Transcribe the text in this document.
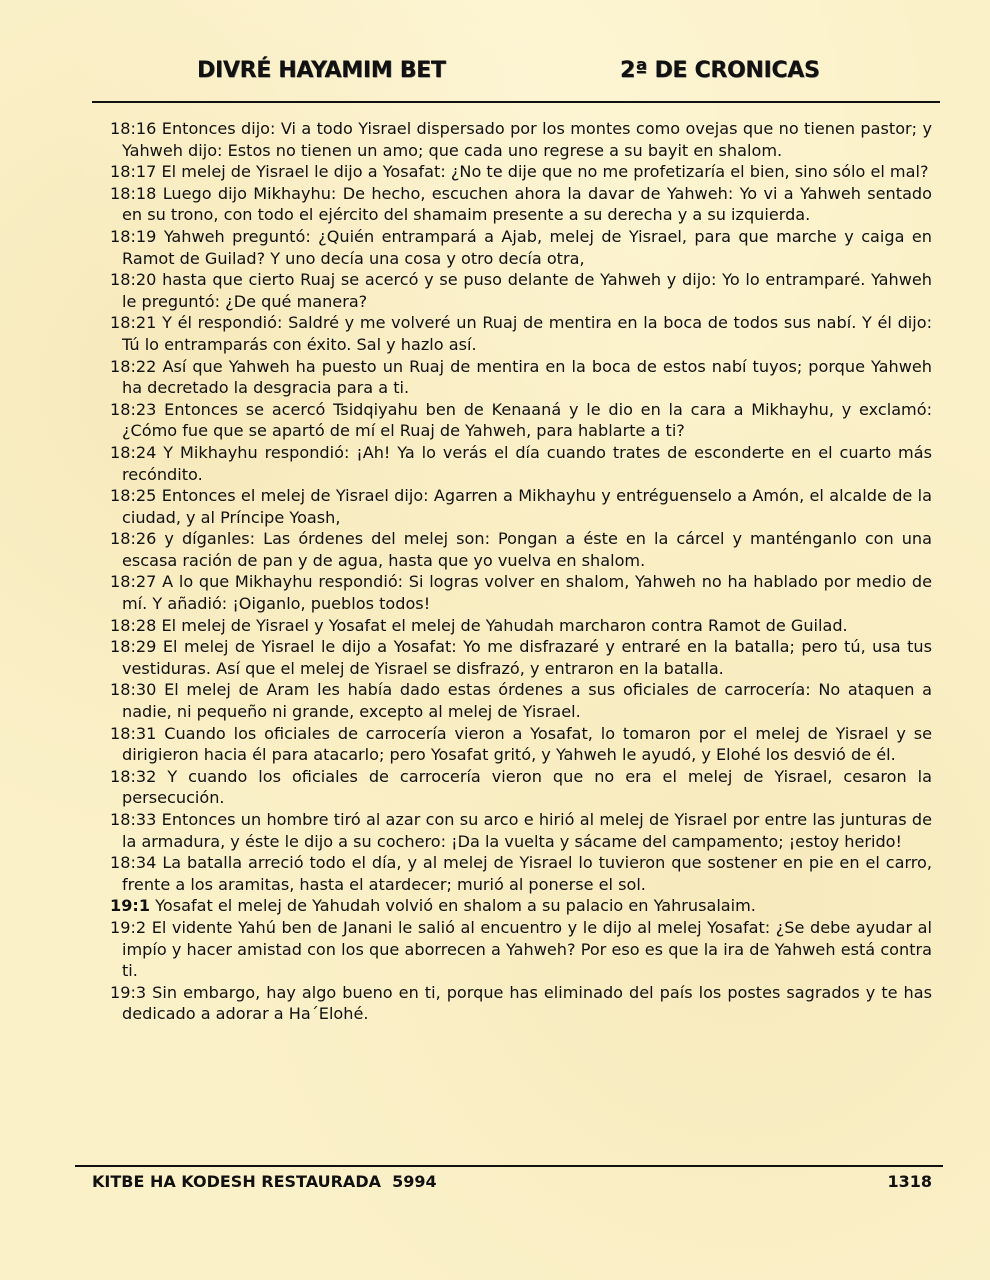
DIVRÉ HAYAMIM BET	2ª DE CRONICAS

18:16 Entonces dijo: Vi a todo Yisrael dispersado por los montes como ovejas que no tienen pastor; y Yahweh dijo: Estos no tienen un amo; que cada uno regrese a su bayit en shalom.

18:17 El melej de Yisrael le dijo a Yosafat: ¿No te dije que no me profetizaría el bien, sino sólo el mal?

18:18 Luego dijo Mikhayhu: De hecho, escuchen ahora la davar de Yahweh: Yo vi a Yahweh sentado en su trono, con todo el ejército del shamaim presente a su derecha y a su izquierda.

18:19 Yahweh preguntó: ¿Quién entrampará a Ajab, melej de Yisrael, para que marche y caiga en Ramot de Guilad? Y uno decía una cosa y otro decía otra,

18:20 hasta que cierto Ruaj se acercó y se puso delante de Yahweh y dijo: Yo lo entramparé. Yahweh le preguntó: ¿De qué manera?

18:21 Y él respondió: Saldré y me volveré un Ruaj de mentira en la boca de todos sus nabí. Y él dijo: Tú lo entramparás con éxito. Sal y hazlo así.

18:22 Así que Yahweh ha puesto un Ruaj de mentira en la boca de estos nabí tuyos; porque Yahweh ha decretado la desgracia para a ti.

18:23 Entonces se acercó Tsidqiyahu ben de Kenaaná y le dio en la cara a Mikhayhu, y exclamó: ¿Cómo fue que se apartó de mí el Ruaj de Yahweh, para hablarte a ti?

18:24 Y Mikhayhu respondió: ¡Ah! Ya lo verás el día cuando trates de esconderte en el cuarto más recóndito.

18:25 Entonces el melej de Yisrael dijo: Agarren a Mikhayhu y entréguenselo a Amón, el alcalde de la ciudad, y al Príncipe Yoash,

18:26 y díganles: Las órdenes del melej son: Pongan a éste en la cárcel y manténganlo con una escasa ración de pan y de agua, hasta que yo vuelva en shalom.

18:27 A lo que Mikhayhu respondió: Si logras volver en shalom, Yahweh no ha hablado por medio de mí. Y añadió: ¡Oiganlo, pueblos todos!

18:28 El melej de Yisrael y Yosafat el melej de Yahudah marcharon contra Ramot de Guilad.

18:29 El melej de Yisrael le dijo a Yosafat: Yo me disfrazaré y entraré en la batalla; pero tú, usa tus vestiduras. Así que el melej de Yisrael se disfrazó, y entraron en la batalla.

18:30 El melej de Aram les había dado estas órdenes a sus oficiales de carrocería: No ataquen a nadie, ni pequeño ni grande, excepto al melej de Yisrael.

18:31 Cuando los oficiales de carrocería vieron a Yosafat, lo tomaron por el melej de Yisrael y se dirigieron hacia él para atacarlo; pero Yosafat gritó, y Yahweh le ayudó, y Elohé los desvió de él.

18:32 Y cuando los oficiales de carrocería vieron que no era el melej de Yisrael, cesaron la persecución.

18:33 Entonces un hombre tiró al azar con su arco e hirió al melej de Yisrael por entre las junturas de la armadura, y éste le dijo a su cochero: ¡Da la vuelta y sácame del campamento; ¡estoy herido!

18:34 La batalla arreció todo el día, y al melej de Yisrael lo tuvieron que sostener en pie en el carro, frente a los aramitas, hasta el atardecer; murió al ponerse el sol.

19:1 Yosafat el melej de Yahudah volvió en shalom a su palacio en Yahrusalaim.

19:2 El vidente Yahú ben de Janani le salió al encuentro y le dijo al melej Yosafat: ¿Se debe ayudar al impío y hacer amistad con los que aborrecen a Yahweh? Por eso es que la ira de Yahweh está contra ti.

19:3 Sin embargo, hay algo bueno en ti, porque has eliminado del país los postes sagrados y te has dedicado a adorar a Ha´Elohé.

KITBE HA KODESH RESTAURADA  5994	1318
